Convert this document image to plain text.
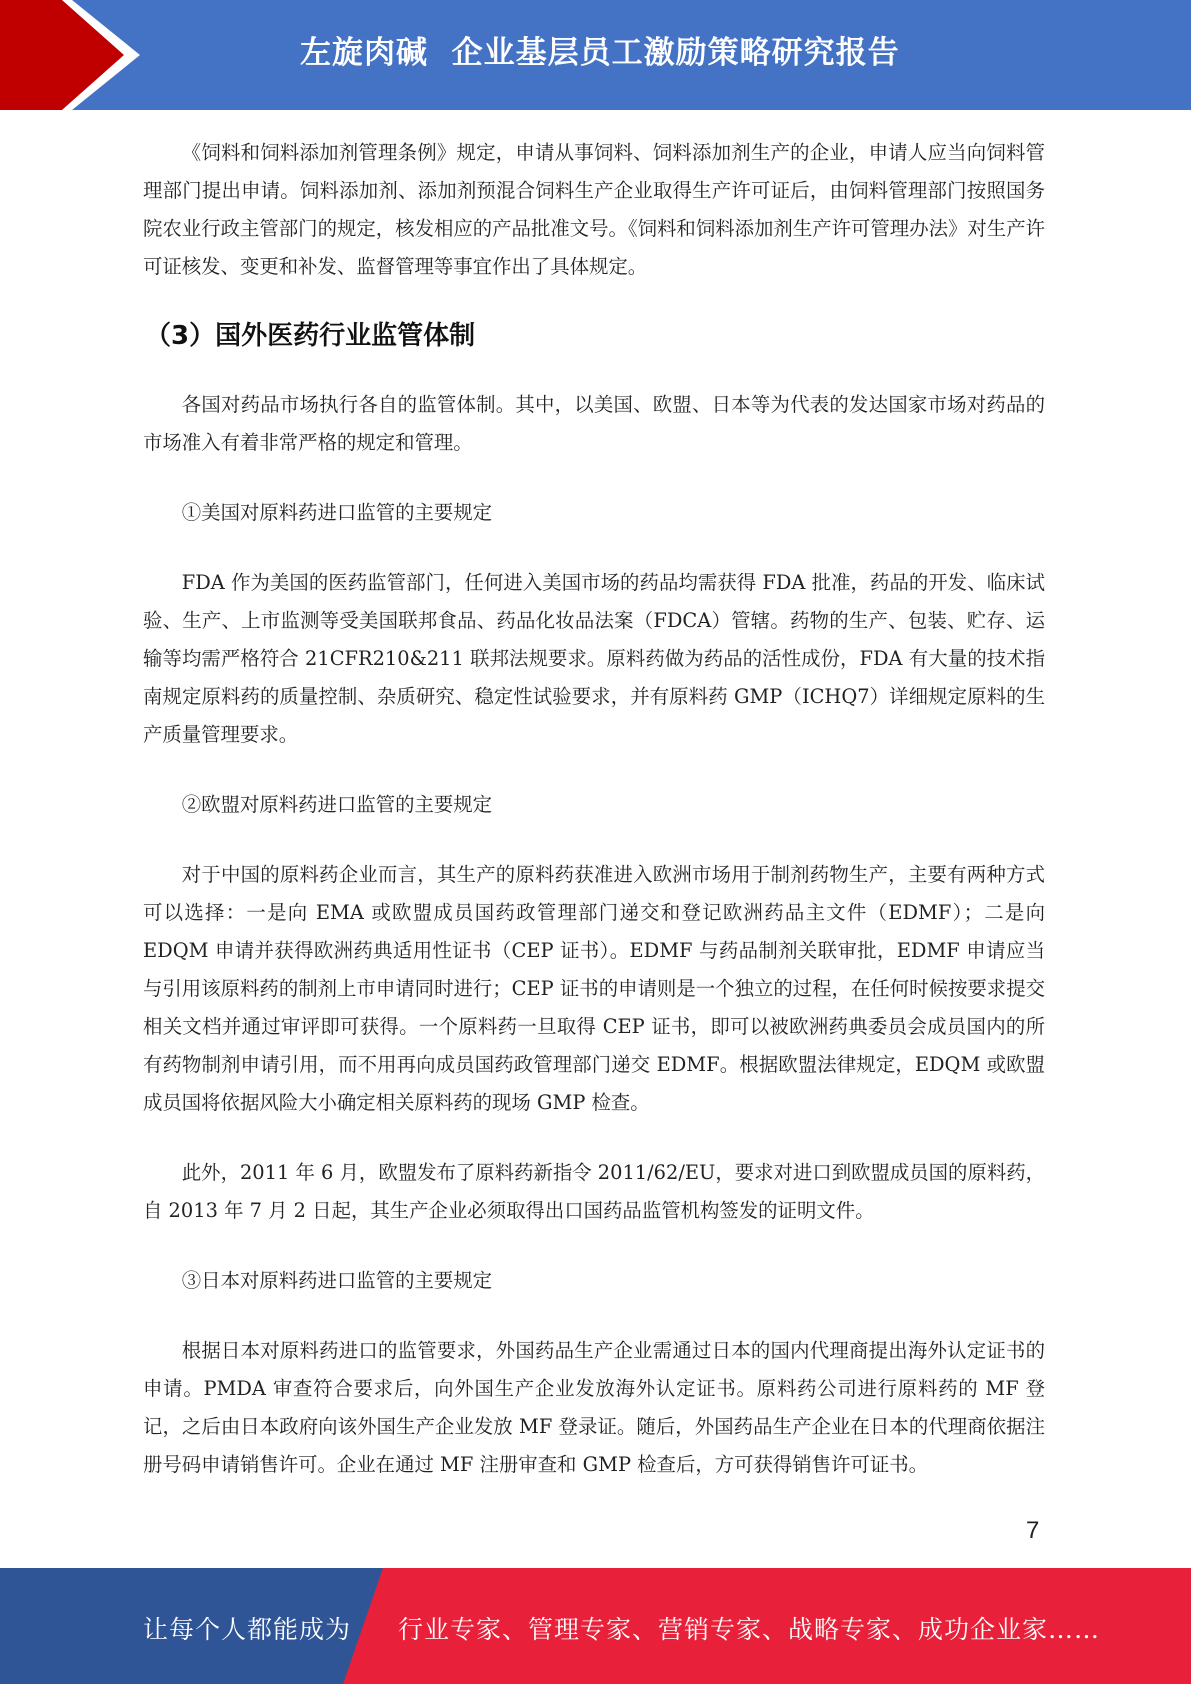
左旋肉碱  企业基层员工激励策略研究报告

《饲料和饲料添加剂管理条例》规定，申请从事饲料、饲料添加剂生产的企业，申请人应当向饲料管理部门提出申请。饲料添加剂、添加剂预混合饲料生产企业取得生产许可证后，由饲料管理部门按照国务院农业行政主管部门的规定，核发相应的产品批准文号。《饲料和饲料添加剂生产许可管理办法》对生产许可证核发、变更和补发、监督管理等事宜作出了具体规定。

（3）国外医药行业监管体制

各国对药品市场执行各自的监管体制。其中，以美国、欧盟、日本等为代表的发达国家市场对药品的市场准入有着非常严格的规定和管理。

①美国对原料药进口监管的主要规定

FDA 作为美国的医药监管部门，任何进入美国市场的药品均需获得 FDA 批准，药品的开发、临床试验、生产、上市监测等受美国联邦食品、药品化妆品法案（FDCA）管辖。药物的生产、包装、贮存、运输等均需严格符合 21CFR210&211 联邦法规要求。原料药做为药品的活性成份，FDA 有大量的技术指南规定原料药的质量控制、杂质研究、稳定性试验要求，并有原料药 GMP（ICHQ7）详细规定原料的生产质量管理要求。

②欧盟对原料药进口监管的主要规定

对于中国的原料药企业而言，其生产的原料药获准进入欧洲市场用于制剂药物生产，主要有两种方式可以选择：一是向 EMA 或欧盟成员国药政管理部门递交和登记欧洲药品主文件（EDMF）；二是向 EDQM 申请并获得欧洲药典适用性证书（CEP 证书）。EDMF 与药品制剂关联审批，EDMF 申请应当与引用该原料药的制剂上市申请同时进行；CEP 证书的申请则是一个独立的过程，在任何时候按要求提交相关文档并通过审评即可获得。一个原料药一旦取得 CEP 证书，即可以被欧洲药典委员会成员国内的所有药物制剂申请引用，而不用再向成员国药政管理部门递交 EDMF。根据欧盟法律规定，EDQM 或欧盟成员国将依据风险大小确定相关原料药的现场 GMP 检查。

此外，2011 年 6 月，欧盟发布了原料药新指令 2011/62/EU，要求对进口到欧盟成员国的原料药，自 2013 年 7 月 2 日起，其生产企业必须取得出口国药品监管机构签发的证明文件。

③日本对原料药进口监管的主要规定

根据日本对原料药进口的监管要求，外国药品生产企业需通过日本的国内代理商提出海外认定证书的申请。PMDA 审查符合要求后，向外国生产企业发放海外认定证书。原料药公司进行原料药的 MF 登记，之后由日本政府向该外国生产企业发放 MF 登录证。随后，外国药品生产企业在日本的代理商依据注册号码申请销售许可。企业在通过 MF 注册审查和 GMP 检查后，方可获得销售许可证书。

7
让每个人都能成为 行业专家、管理专家、营销专家、战略专家、成功企业家……
